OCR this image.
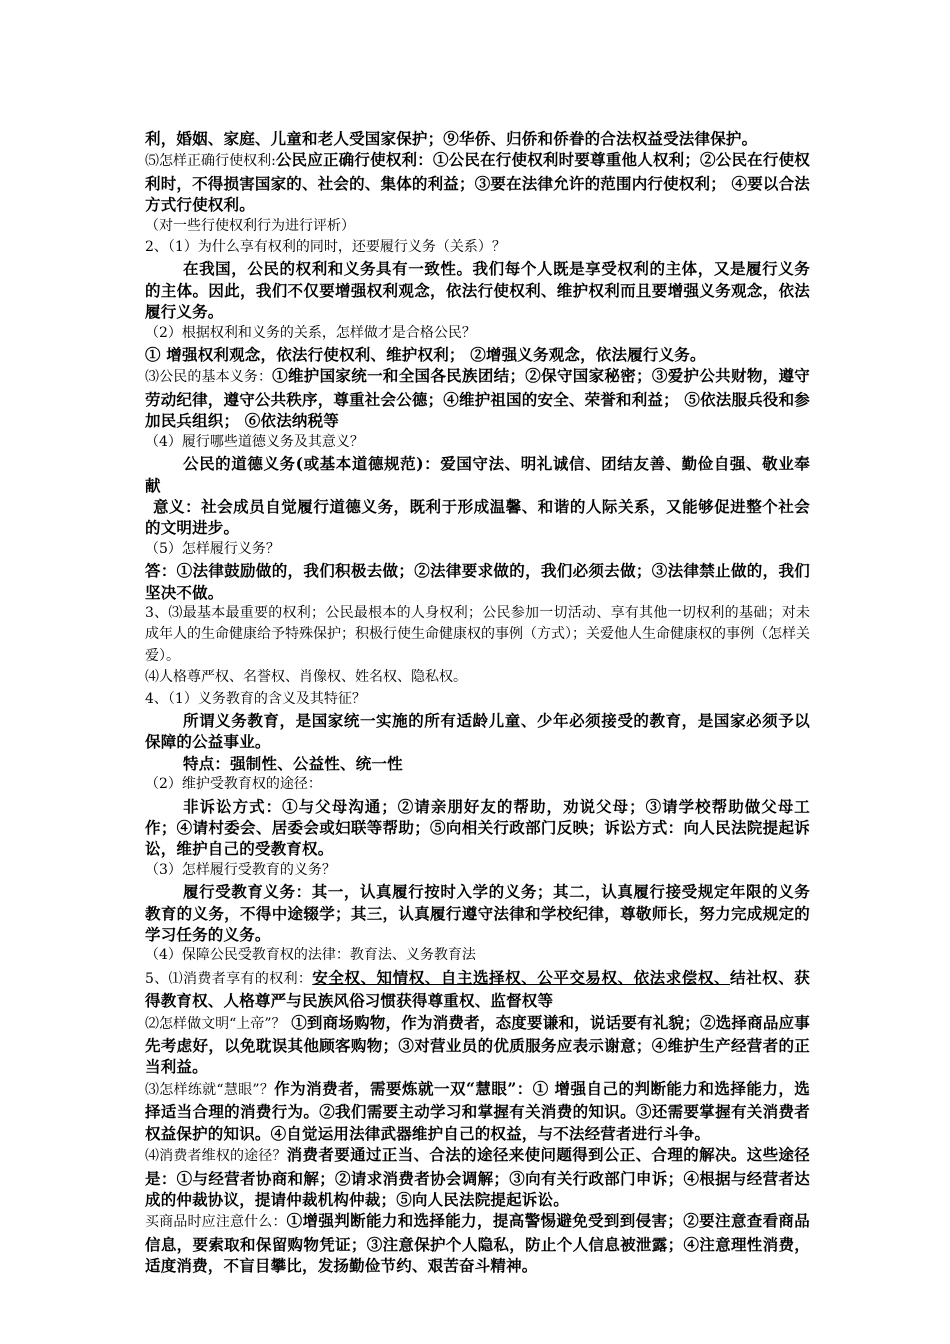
利，婚姻、家庭、儿童和老人受国家保护；⑨华侨、归侨和侨眷的合法权益受法律保护。

⑸怎样正确行使权利:公民应正确行使权利：①公民在行使权利时要尊重他人权利；②公民在行使权利时，不得损害国家的、社会的、集体的利益；③要在法律允许的范围内行使权利； ④要以合法方式行使权利。

（对一些行使权利行为进行评析）

2、（1）为什么享有权利的同时，还要履行义务（关系）？

在我国，公民的权利和义务具有一致性。我们每个人既是享受权利的主体，又是履行义务的主体。因此，我们不仅要增强权利观念，依法行使权利、维护权利而且要增强义务观念，依法履行义务。

（2）根据权利和义务的关系，怎样做才是合格公民？

① 增强权利观念，依法行使权利、维护权利； ②增强义务观念，依法履行义务。

⑶公民的基本义务：①维护国家统一和全国各民族团结；②保守国家秘密；③爱护公共财物，遵守劳动纪律，遵守公共秩序，尊重社会公德；④维护祖国的安全、荣誉和利益； ⑤依法服兵役和参加民兵组织； ⑥依法纳税等

（4）履行哪些道德义务及其意义？

公民的道德义务(或基本道德规范)：爱国守法、明礼诚信、团结友善、勤俭自强、敬业奉献

意义：社会成员自觉履行道德义务，既利于形成温馨、和谐的人际关系，又能够促进整个社会的文明进步。

（5）怎样履行义务？

答：①法律鼓励做的，我们积极去做；②法律要求做的，我们必须去做；③法律禁止做的，我们坚决不做。

3、⑶最基本最重要的权利；公民最根本的人身权利；公民参加一切活动、享有其他一切权利的基础；对未成年人的生命健康给予特殊保护；积极行使生命健康权的事例（方式）；关爱他人生命健康权的事例（怎样关爱）。

⑷人格尊严权、名誉权、肖像权、姓名权、隐私权。

4、（1）义务教育的含义及其特征？

所谓义务教育，是国家统一实施的所有适龄儿童、少年必须接受的教育，是国家必须予以保障的公益事业。

特点：强制性、公益性、统一性

（2）维护受教育权的途径：

非诉讼方式：①与父母沟通；②请亲朋好友的帮助，劝说父母；③请学校帮助做父母工作；④请村委会、居委会或妇联等帮助；⑤向相关行政部门反映；诉讼方式：向人民法院提起诉讼，维护自己的受教育权。

（3）怎样履行受教育的义务？

履行受教育义务：其一，认真履行按时入学的义务；其二，认真履行接受规定年限的义务教育的义务，不得中途辍学；其三，认真履行遵守法律和学校纪律，尊敬师长，努力完成规定的学习任务的义务。

（4）保障公民受教育权的法律：教育法、义务教育法

5、⑴消费者享有的权利：安全权、知情权、自主选择权、公平交易权、依法求偿权、结社权、获得教育权、人格尊严与民族风俗习惯获得尊重权、监督权等

⑵怎样做文明“上帝”？ ①到商场购物，作为消费者，态度要谦和，说话要有礼貌；②选择商品应事先考虑好，以免耽误其他顾客购物；③对营业员的优质服务应表示谢意；④维护生产经营者的正当利益。

⑶怎样练就“慧眼”？作为消费者，需要炼就一双“慧眼”：① 增强自己的判断能力和选择能力，选择适当合理的消费行为。②我们需要主动学习和掌握有关消费的知识。③还需要掌握有关消费者权益保护的知识。④自觉运用法律武器维护自己的权益，与不法经营者进行斗争。

⑷消费者维权的途径？消费者要通过正当、合法的途径来使问题得到公正、合理的解决。这些途径是：①与经营者协商和解；②请求消费者协会调解；③向有关行政部门申诉；④根据与经营者达成的仲裁协议，提请仲裁机构仲裁；⑤向人民法院提起诉讼。

买商品时应注意什么：①增强判断能力和选择能力，提高警惕避免受到到侵害；②要注意查看商品信息，要索取和保留购物凭证；③注意保护个人隐私，防止个人信息被泄露；④注意理性消费，适度消费，不盲目攀比，发扬勤俭节约、艰苦奋斗精神。
